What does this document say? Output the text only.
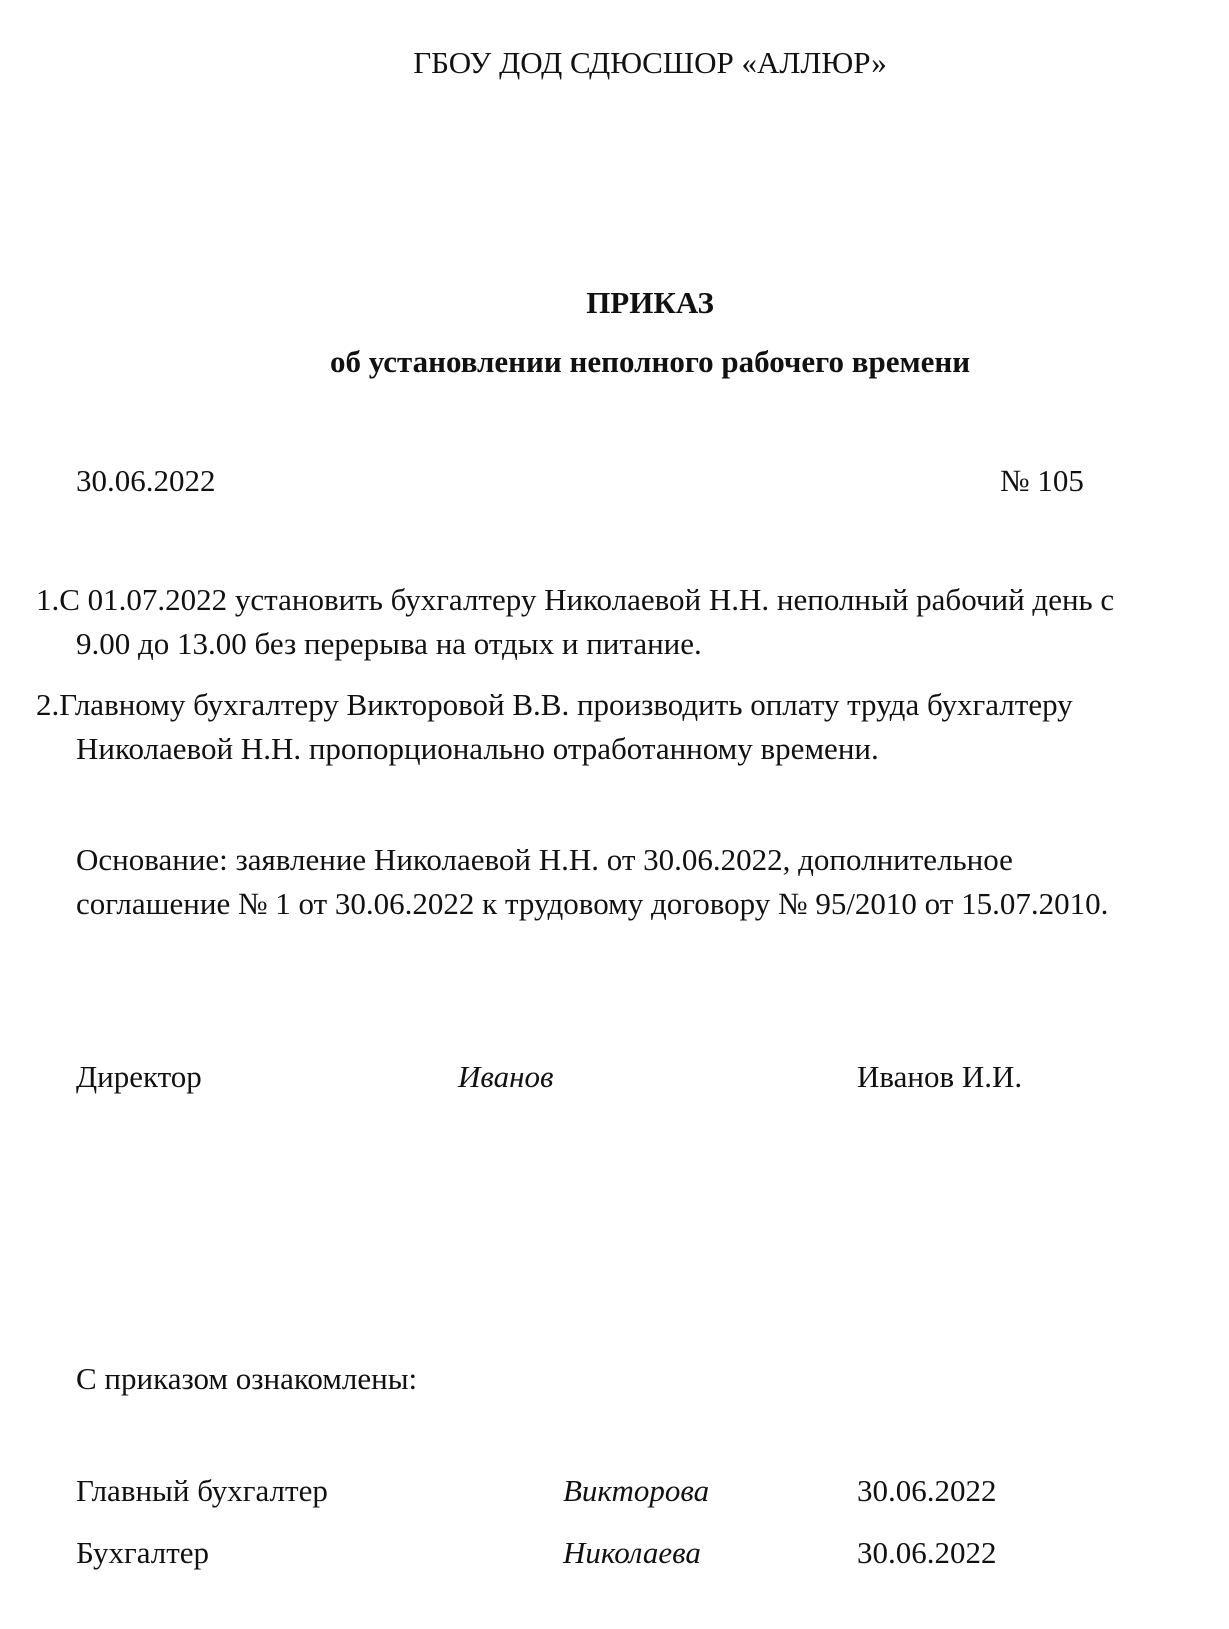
ГБОУ ДОД СДЮСШОР «АЛЛЮР»
ПРИКАЗ
об установлении неполного рабочего времени
30.06.2022	№ 105
1.С 01.07.2022 установить бухгалтеру Николаевой Н.Н. неполный рабочий день с
9.00 до 13.00 без перерыва на отдых и питание.
2.Главному бухгалтеру Викторовой В.В. производить оплату труда бухгалтеру
Николаевой Н.Н. пропорционально отработанному времени.
Основание: заявление Николаевой Н.Н. от 30.06.2022, дополнительное
соглашение № 1 от 30.06.2022 к трудовому договору № 95/2010 от 15.07.2010.
Директор	Иванов	Иванов И.И.
С приказом ознакомлены:
Главный бухгалтер	Викторова	30.06.2022
Бухгалтер	Николаева	30.06.2022
